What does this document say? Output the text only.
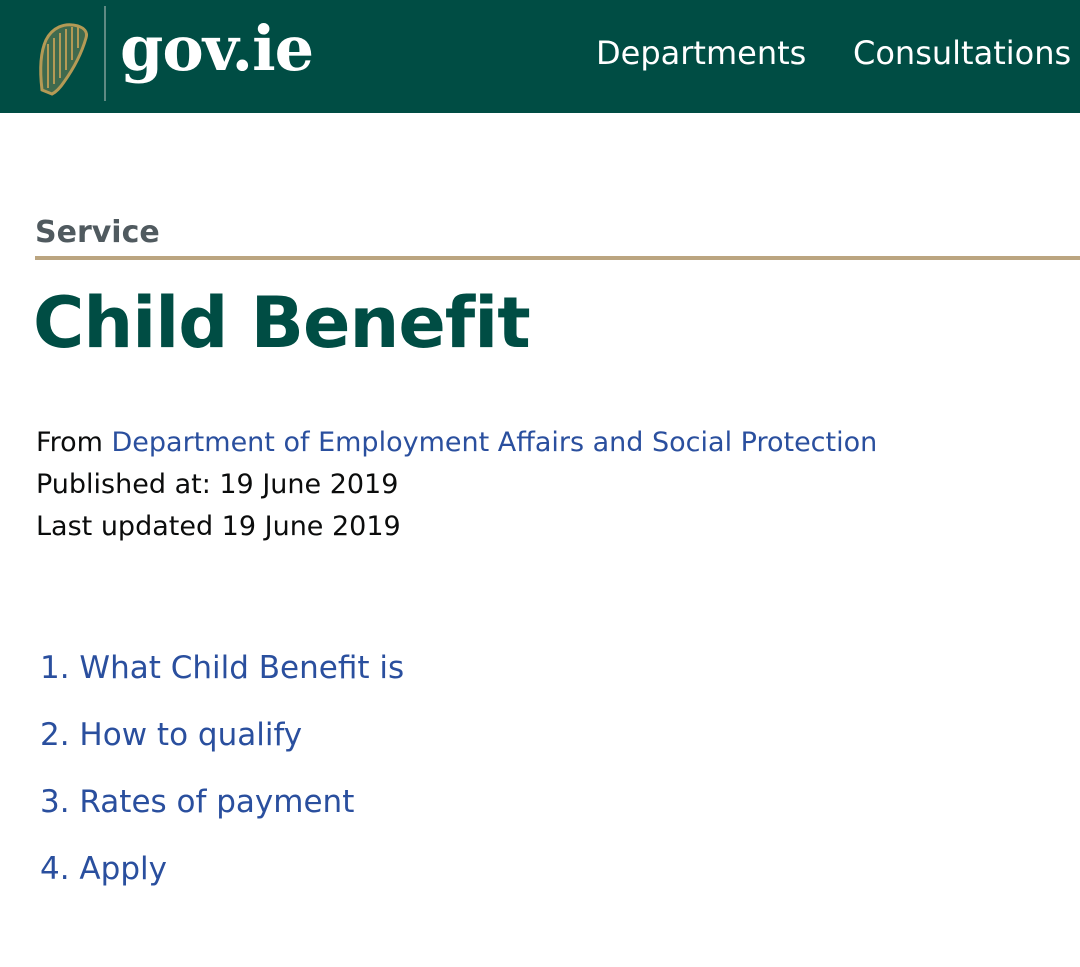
gov.ie	Departments Consultations
Service
Child Benefit
From Department of Employment Affairs and Social Protection
Published at: 19 June 2019
Last updated 19 June 2019
1. What Child Benefit is
2. How to qualify
3. Rates of payment
4. Apply
